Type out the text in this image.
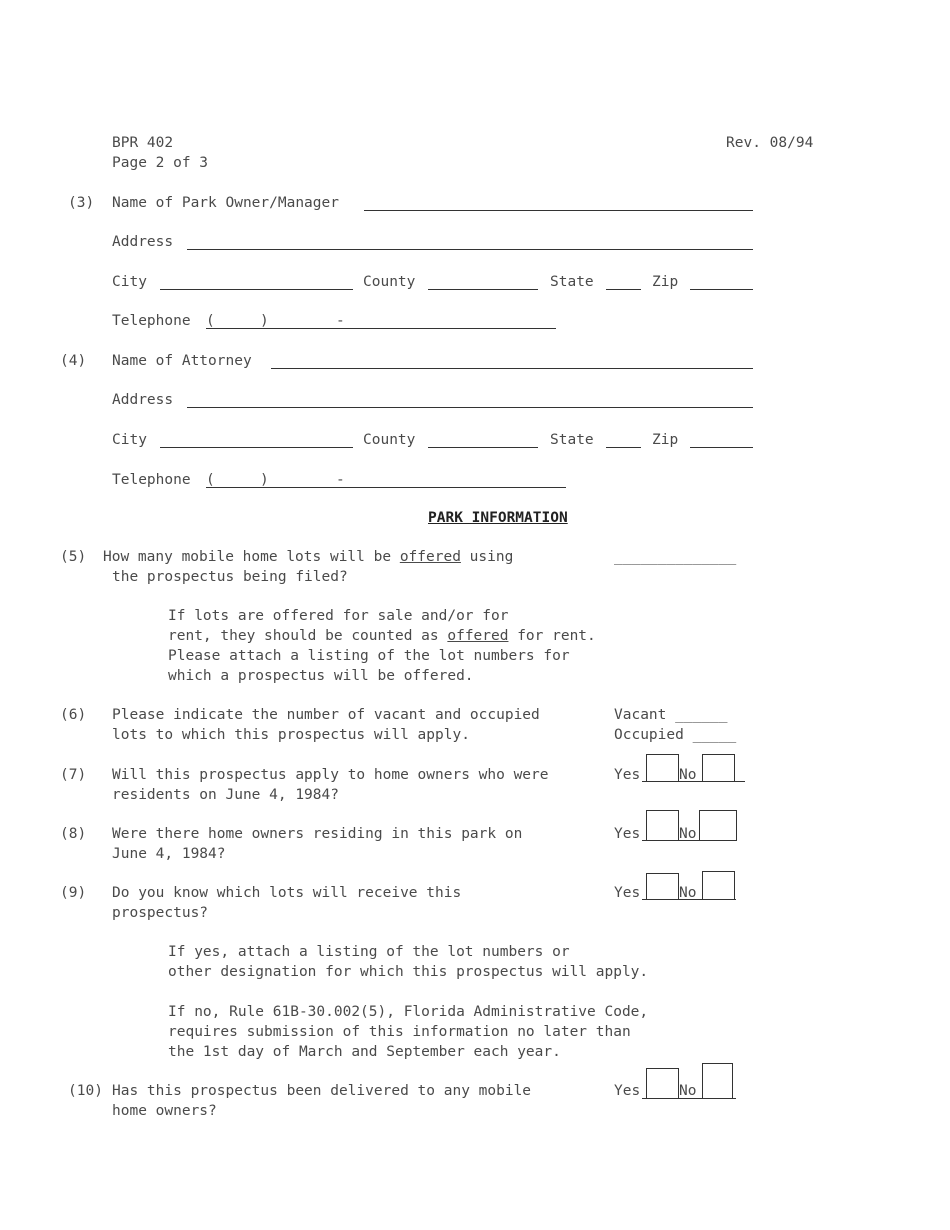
BPR 402
Page 2 of 3
Rev. 08/94
(3) Name of Park Owner/Manager
Address
City	County	State	Zip
Telephone (	)	-
(4) Name of Attorney
Address
City	County	State	Zip
Telephone (	)	-
PARK INFORMATION
(5) How many mobile home lots will be offered using
the prospectus being filed?
______________
If lots are offered for sale and/or for
rent, they should be counted as offered for rent.
Please attach a listing of the lot numbers for
which a prospectus will be offered.
(6) Please indicate the number of vacant and occupied
lots to which this prospectus will apply.
Vacant ______
Occupied _____
(7) Will this prospectus apply to home owners who were
residents on June 4, 1984?
Yes	No
(8) Were there home owners residing in this park on
June 4, 1984?
Yes	No
(9) Do you know which lots will receive this
prospectus?
Yes	No
If yes, attach a listing of the lot numbers or
other designation for which this prospectus will apply.
If no, Rule 61B-30.002(5), Florida Administrative Code,
requires submission of this information no later than
the 1st day of March and September each year.
(10) Has this prospectus been delivered to any mobile
home owners?
Yes	No
